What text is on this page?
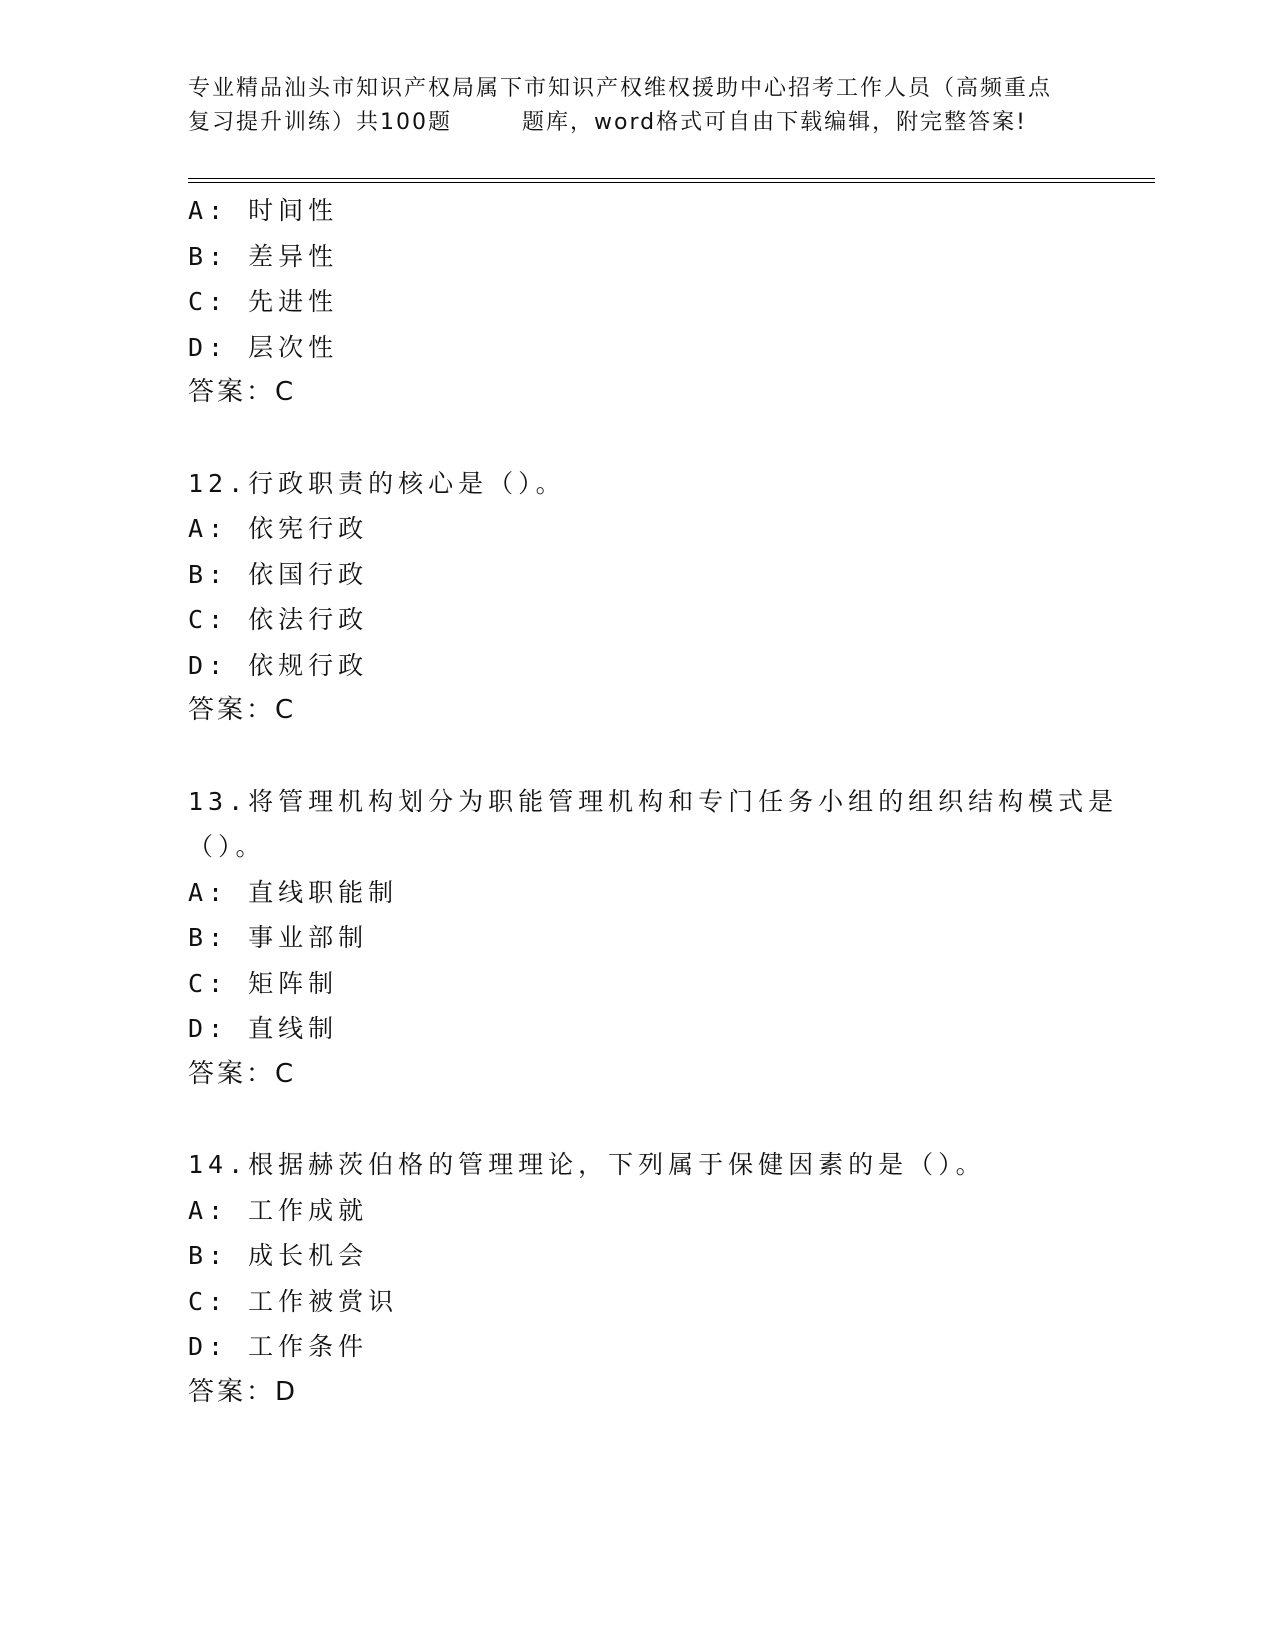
专业精品汕头市知识产权局属下市知识产权维权援助中心招考工作人员（高频重点
复习提升训练）共100题	题库，word格式可自由下载编辑，附完整答案!
A: 时间性
B: 差异性
C: 先进性
D: 层次性
答案：C
12.行政职责的核心是（）。
A: 依宪行政
B: 依国行政
C: 依法行政
D: 依规行政
答案：C
13.将管理机构划分为职能管理机构和专门任务小组的组织结构模式是
（）。
A: 直线职能制
B: 事业部制
C: 矩阵制
D: 直线制
答案：C
14.根据赫茨伯格的管理理论，下列属于保健因素的是（）。
A: 工作成就
B: 成长机会
C: 工作被赏识
D: 工作条件
答案：D
